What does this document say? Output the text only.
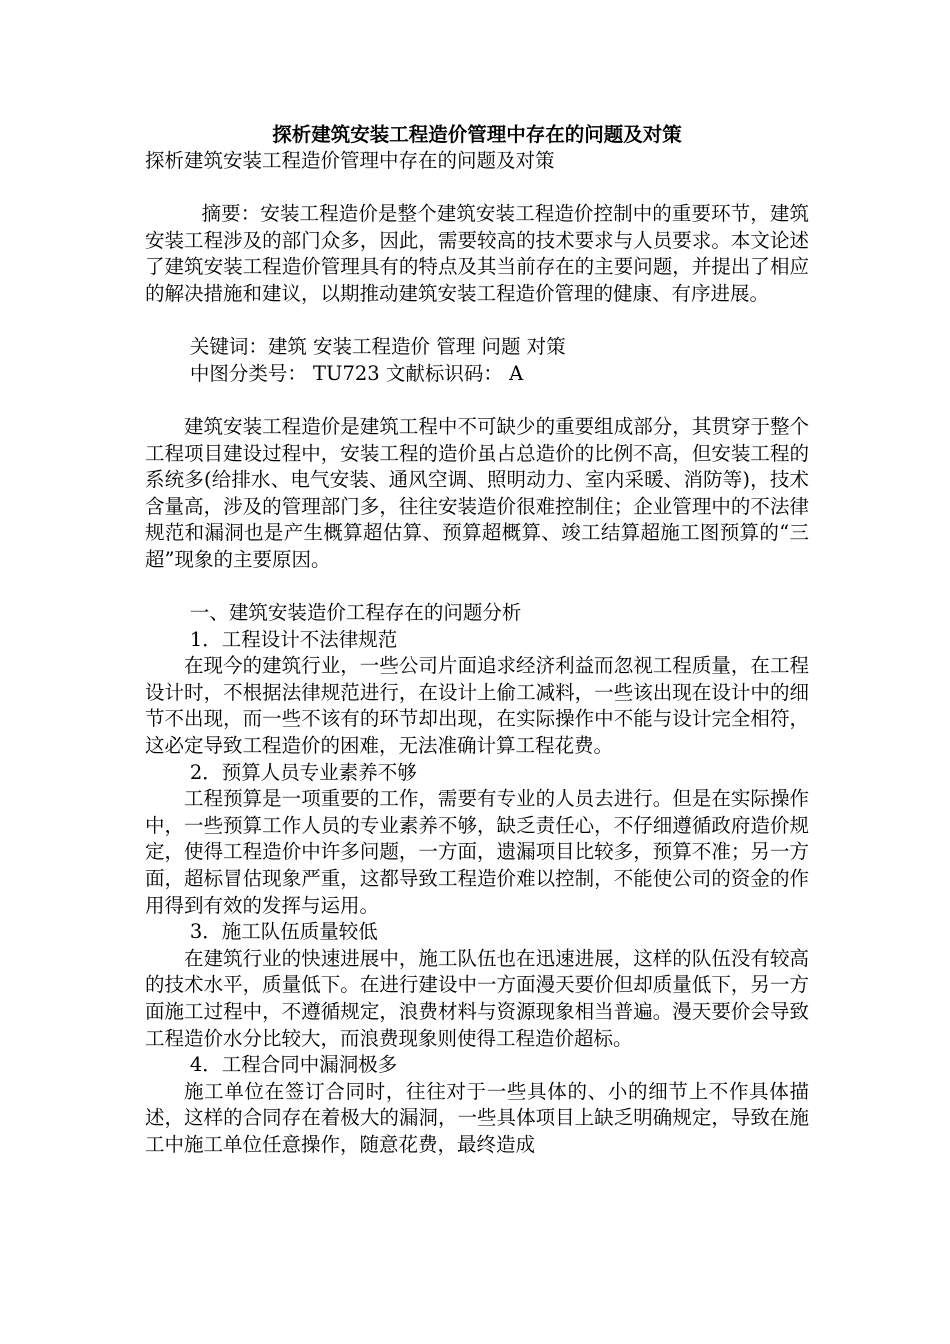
探析建筑安装工程造价管理中存在的问题及对策

探析建筑安装工程造价管理中存在的问题及对策

摘要：安装工程造价是整个建筑安装工程造价控制中的重要环节，建筑安装工程涉及的部门众多，因此，需要较高的技术要求与人员要求。本文论述了建筑安装工程造价管理具有的特点及其当前存在的主要问题，并提出了相应的解决措施和建议，以期推动建筑安装工程造价管理的健康、有序进展。

关键词：建筑 安装工程造价 管理 问题 对策

中图分类号： TU723 文献标识码： A

建筑安装工程造价是建筑工程中不可缺少的重要组成部分，其贯穿于整个工程项目建设过程中，安装工程的造价虽占总造价的比例不高，但安装工程的系统多(给排水、电气安装、通风空调、照明动力、室内采暖、消防等)，技术含量高，涉及的管理部门多，往往安装造价很难控制住；企业管理中的不法律规范和漏洞也是产生概算超估算、预算超概算、竣工结算超施工图预算的“三超”现象的主要原因。

一、建筑安装造价工程存在的问题分析

1．工程设计不法律规范

在现今的建筑行业，一些公司片面追求经济利益而忽视工程质量，在工程设计时，不根据法律规范进行，在设计上偷工减料，一些该出现在设计中的细节不出现，而一些不该有的环节却出现，在实际操作中不能与设计完全相符，这必定导致工程造价的困难，无法准确计算工程花费。

2．预算人员专业素养不够

工程预算是一项重要的工作，需要有专业的人员去进行。但是在实际操作中，一些预算工作人员的专业素养不够，缺乏责任心，不仔细遵循政府造价规定，使得工程造价中许多问题，一方面，遗漏项目比较多，预算不准；另一方面，超标冒估现象严重，这都导致工程造价难以控制，不能使公司的资金的作用得到有效的发挥与运用。

3．施工队伍质量较低

在建筑行业的快速进展中，施工队伍也在迅速进展，这样的队伍没有较高的技术水平，质量低下。在进行建设中一方面漫天要价但却质量低下，另一方面施工过程中，不遵循规定，浪费材料与资源现象相当普遍。漫天要价会导致工程造价水分比较大，而浪费现象则使得工程造价超标。

4．工程合同中漏洞极多

施工单位在签订合同时，往往对于一些具体的、小的细节上不作具体描述，这样的合同存在着极大的漏洞，一些具体项目上缺乏明确规定，导致在施工中施工单位任意操作，随意花费，最终造成
